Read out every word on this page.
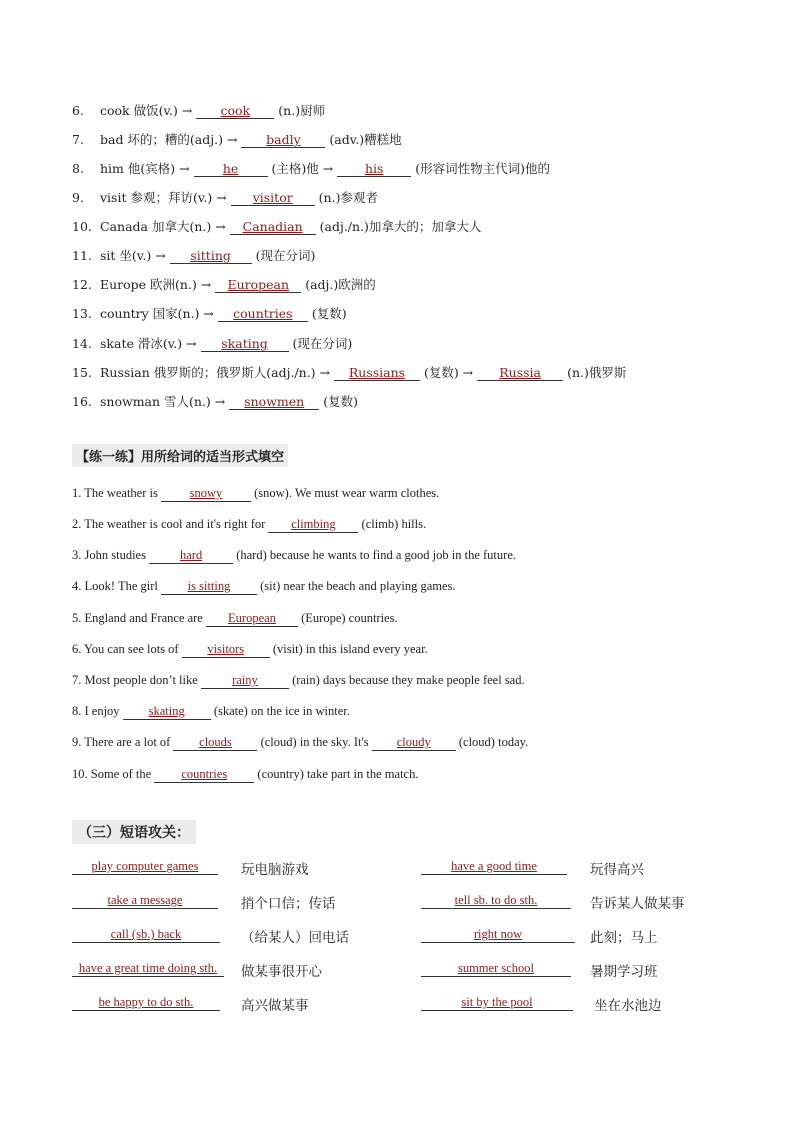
6. cook 做饭(v.) → cook (n.)厨师
7. bad 坏的；糟的(adj.) → badly (adv.)糟糕地
8. him 他(宾格) → he (主格)他 → his (形容词性物主代词)他的
9. visit 参观；拜访(v.) → visitor (n.)参观者
10. Canada 加拿大(n.) → Canadian (adj./n.)加拿大的；加拿大人
11. sit 坐(v.) → sitting (现在分词)
12. Europe 欧洲(n.) → European (adj.)欧洲的
13. country 国家(n.) → countries (复数)
14. skate 滑冰(v.) → skating (现在分词)
15. Russian 俄罗斯的；俄罗斯人(adj./n.) → Russians (复数) → Russia (n.)俄罗斯
16. snowman 雪人(n.) → snowmen (复数)
【练一练】用所给词的适当形式填空
1. The weather is snowy (snow). We must wear warm clothes.
2. The weather is cool and it's right for climbing (climb) hills.
3. John studies hard (hard) because he wants to find a good job in the future.
4. Look! The girl is sitting (sit) near the beach and playing games.
5. England and France are European (Europe) countries.
6. You can see lots of visitors (visit) in this island every year.
7. Most people don’t like rainy (rain) days because they make people feel sad.
8. I enjoy skating (skate) on the ice in winter.
9. There are a lot of clouds (cloud) in the sky. It's cloudy (cloud) today.
10. Some of the countries (country) take part in the match.
（三）短语攻关：
play computer games	玩电脑游戏	have a good time	玩得高兴
take a message	捎个口信；传话	tell sb. to do sth.	告诉某人做某事
call (sb.) back	（给某人）回电话	right now	此刻；马上
have a great time doing sth.	做某事很开心	summer school	暑期学习班
be happy to do sth.	高兴做某事	sit by the pool	坐在水池边
